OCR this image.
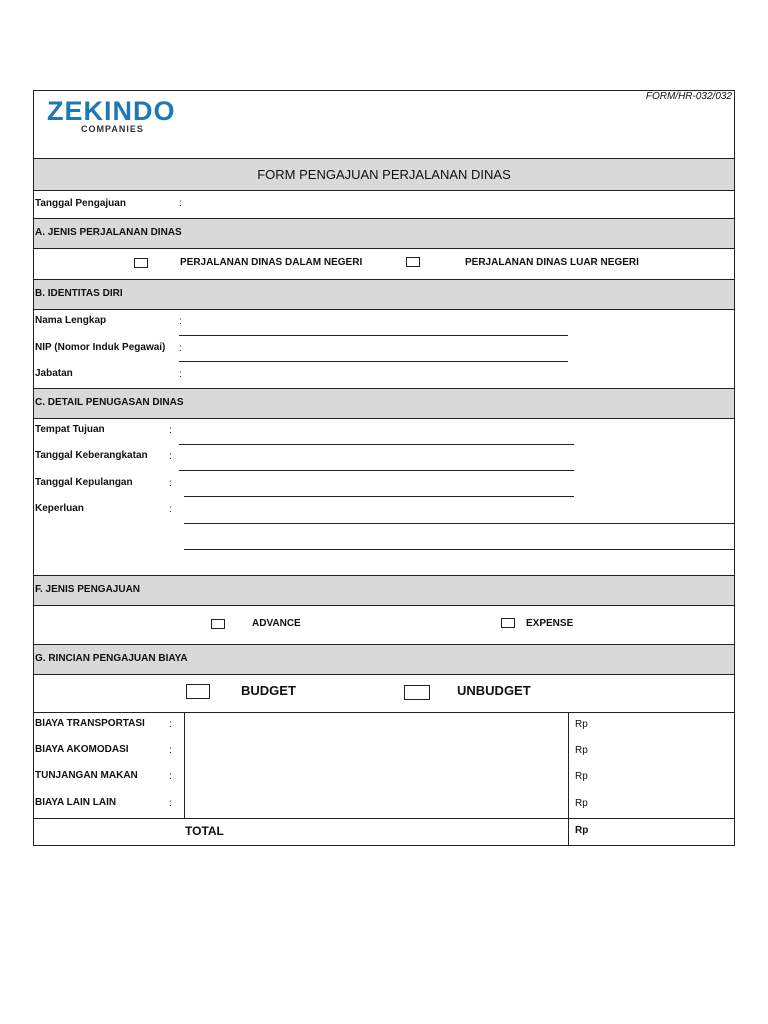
FORM/HR-032/032
ZEKINDO
COMPANIES
FORM PENGAJUAN PERJALANAN DINAS
Tanggal Pengajuan	:
A. JENIS PERJALANAN DINAS
PERJALANAN DINAS DALAM NEGERI	PERJALANAN DINAS LUAR NEGERI
B. IDENTITAS DIRI
Nama Lengkap	:
NIP (Nomor Induk Pegawai) :
Jabatan	:
C. DETAIL PENUGASAN DINAS
Tempat Tujuan	:
Tanggal Keberangkatan :
Tanggal Kepulangan	:
Keperluan	:
F. JENIS PENGAJUAN
ADVANCE	EXPENSE
G. RINCIAN PENGAJUAN BIAYA
BUDGET	UNBUDGET
BIAYA TRANSPORTASI :	Rp
BIAYA AKOMODASI	:	Rp
TUNJANGAN MAKAN	:	Rp
BIAYA LAIN LAIN	:	Rp
TOTAL	Rp
